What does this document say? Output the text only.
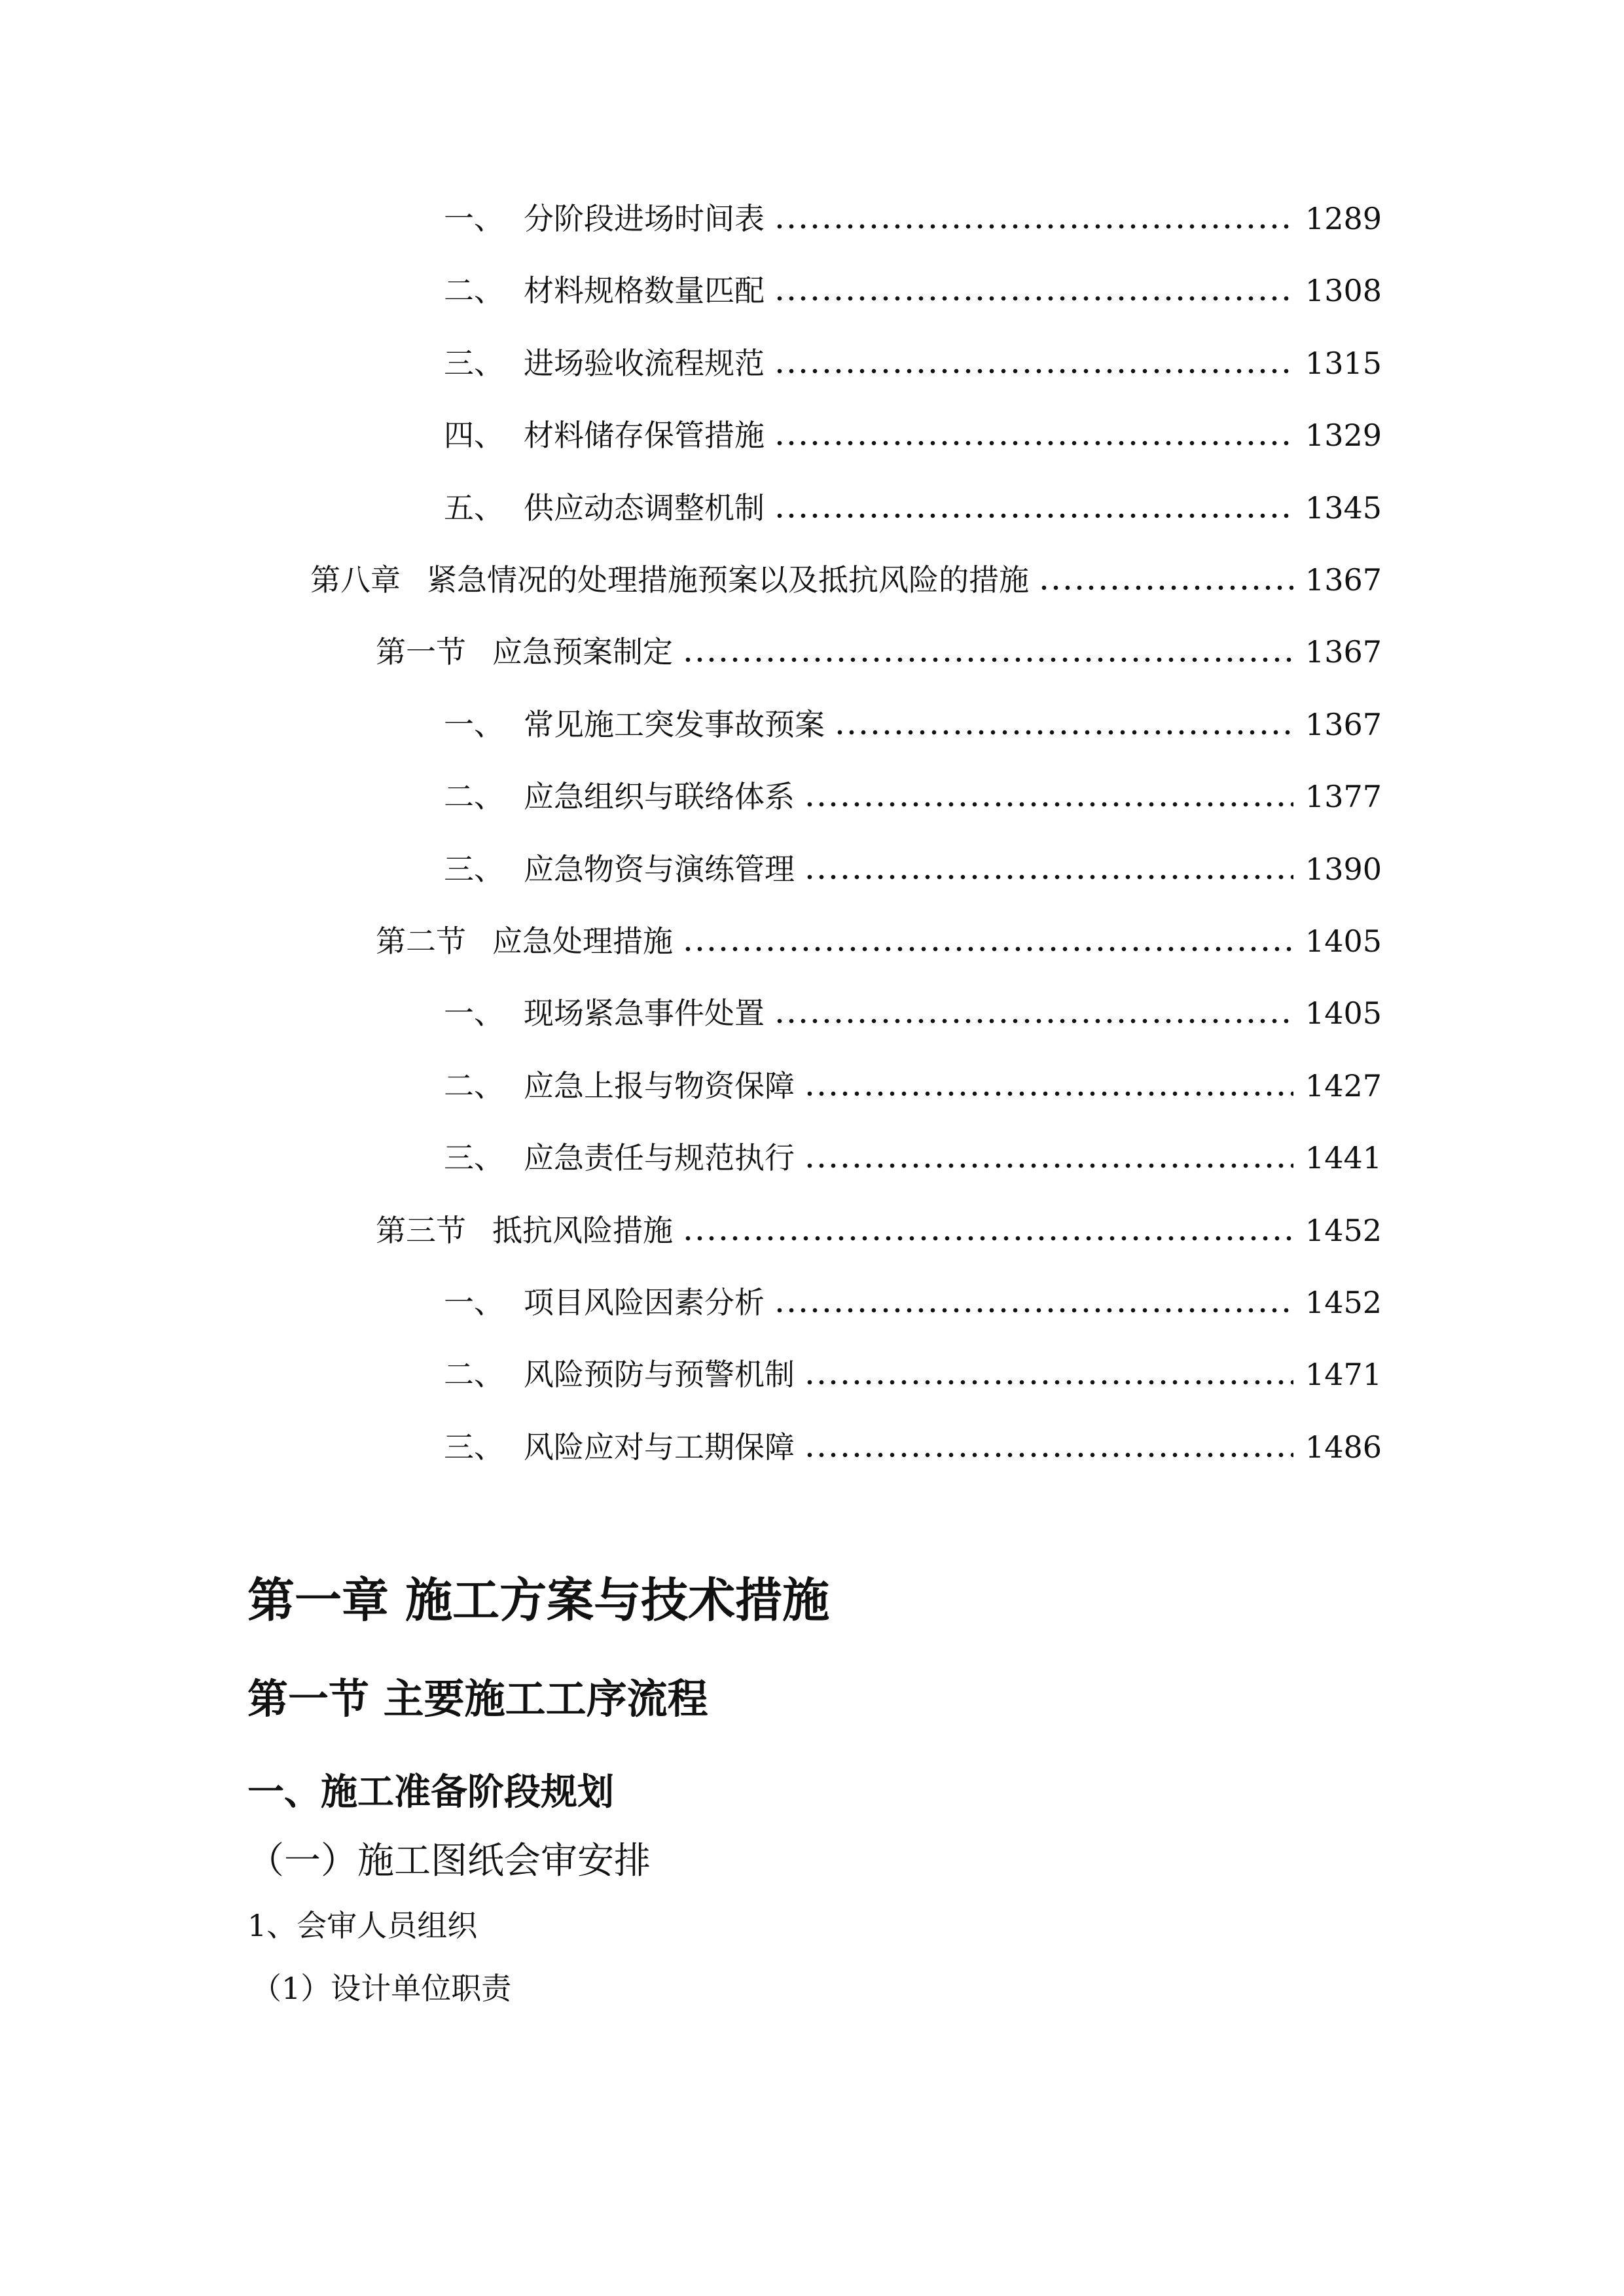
一、 分阶段进场时间表	1289
二、 材料规格数量匹配	1308
三、 进场验收流程规范	1315
四、 材料储存保管措施	1329
五、 供应动态调整机制	1345
第八章 紧急情况的处理措施预案以及抵抗风险的措施	1367
第一节 应急预案制定	1367
一、 常见施工突发事故预案	1367
二、 应急组织与联络体系	1377
三、 应急物资与演练管理	1390
第二节 应急处理措施	1405
一、 现场紧急事件处置	1405
二、 应急上报与物资保障	1427
三、 应急责任与规范执行	1441
第三节 抵抗风险措施	1452
一、 项目风险因素分析	1452
二、 风险预防与预警机制	1471
三、 风险应对与工期保障	1486
第一章 施工方案与技术措施
第一节 主要施工工序流程
一、施工准备阶段规划
（一）施工图纸会审安排
1、会审人员组织
（1）设计单位职责
